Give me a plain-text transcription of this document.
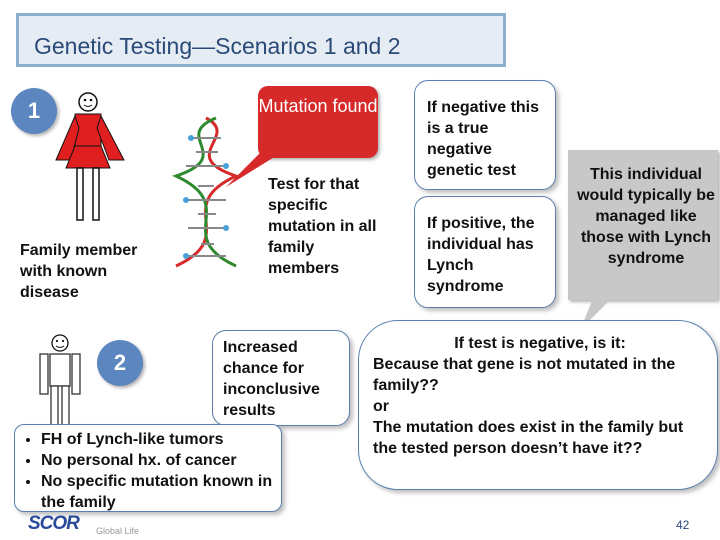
Genetic Testing—Scenarios 1 and 2
1
Family member with known disease
Mutation found
Test for that specific mutation in all family members
If negative this is a true negative genetic test
If positive, the individual has Lynch syndrome
This individual would typically be managed like those with Lynch syndrome
2
Increased chance for inconclusive results
• FH of Lynch-like tumors
• No personal hx. of cancer
• No specific mutation known in the family
If test is negative, is it:
Because that gene is not mutated in the family??
or
The mutation does exist in the family but the tested person doesn’t have it??
SCOR Global Life	42
